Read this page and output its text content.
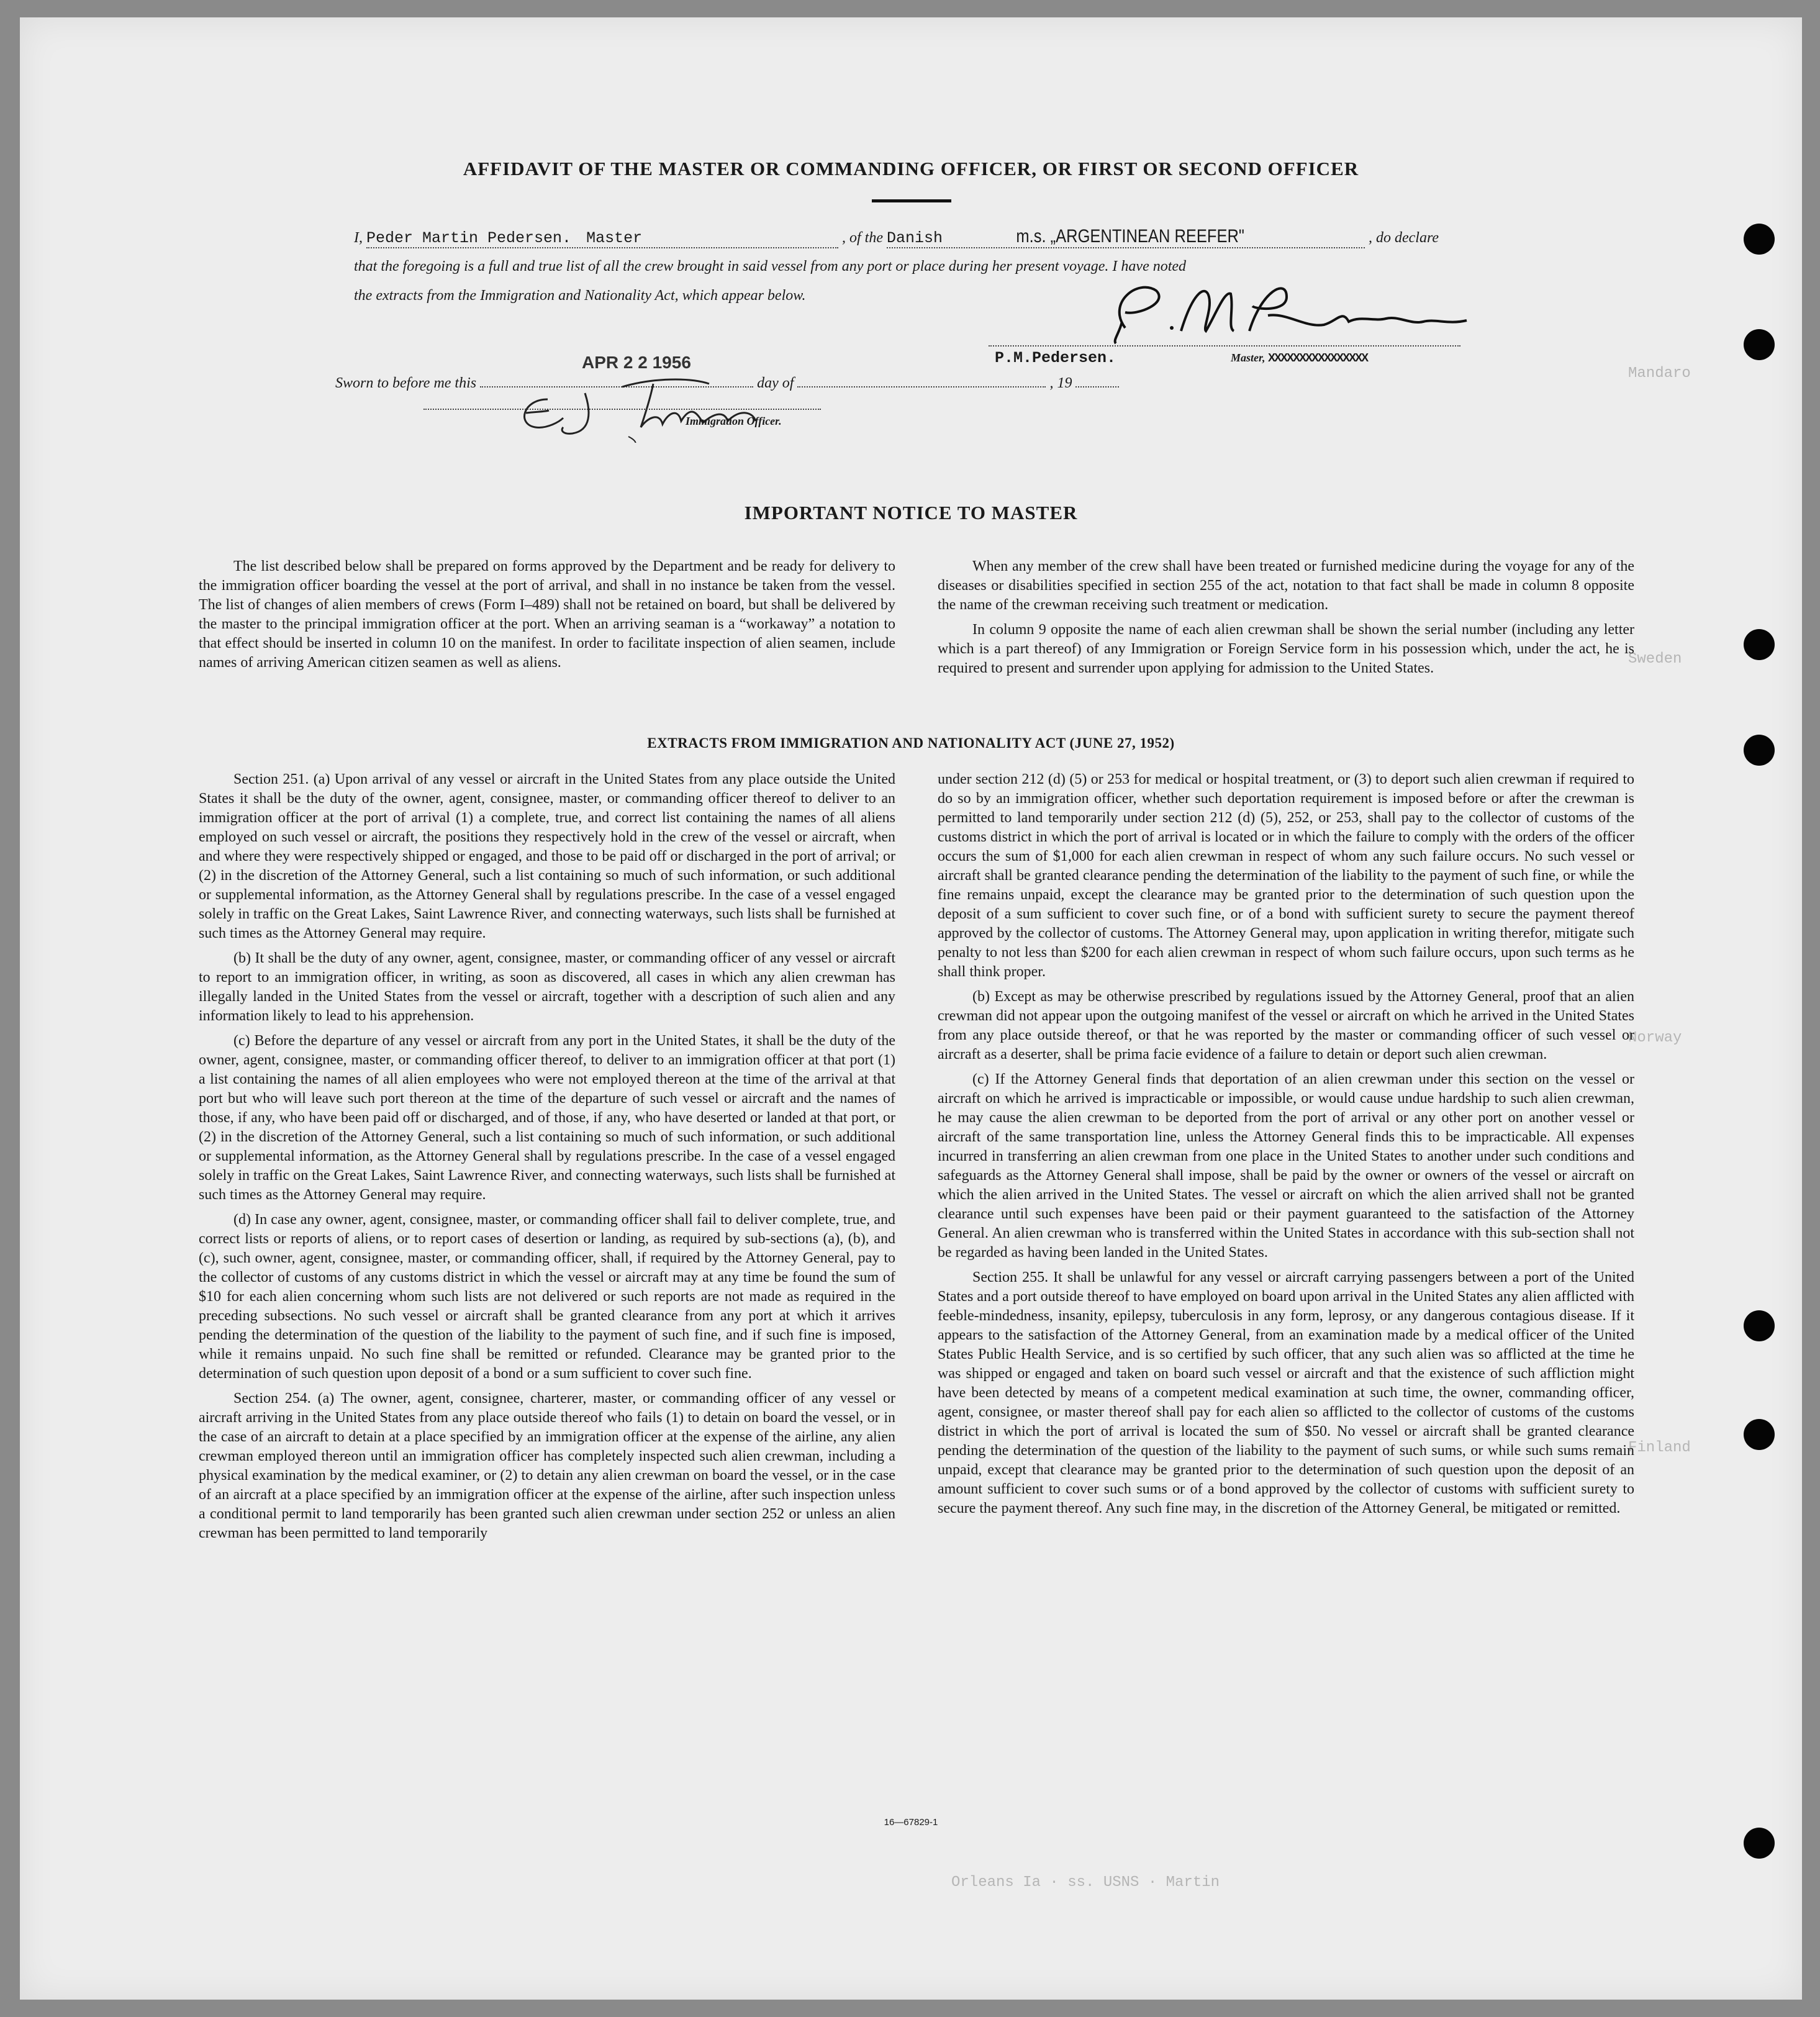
Mandaro
Sweden
Norway
Finland
Orleans Ia · ss. USNS · Martin
AFFIDAVIT OF THE MASTER OR COMMANDING OFFICER, OR FIRST OR SECOND OFFICER
I, Peder Martin Pedersen. Master	, of the Danish	m.s. „ARGENTINEAN REEFER"	, do declare
that the foregoing is a full and true list of all the crew brought in said vessel from any port or place during her present voyage. I have noted
the extracts from the Immigration and Nationality Act, which appear below.
P.M.Pedersen.	Master, XXXXXXXXXXXXXXXX
APR 2 2 1956
Sworn to before me this	day of	, 19
Immigration Officer.
IMPORTANT NOTICE TO MASTER

The list described below shall be prepared on forms approved by the Department and be ready for delivery to the immigration officer boarding the vessel at the port of arrival, and shall in no instance be taken from the vessel. The list of changes of alien members of crews (Form I–489) shall not be retained on board, but shall be delivered by the master to the principal immigration officer at the port. When an arriving seaman is a “workaway” a notation to that effect should be inserted in column 10 on the manifest. In order to facilitate inspection of alien seamen, include names of arriving American citizen seamen as well as aliens.

When any member of the crew shall have been treated or furnished medicine during the voyage for any of the diseases or disabilities specified in section 255 of the act, notation to that fact shall be made in column 8 opposite the name of the crewman receiving such treatment or medication.

In column 9 opposite the name of each alien crewman shall be shown the serial number (including any letter which is a part thereof) of any Immigration or Foreign Service form in his possession which, under the act, he is required to present and surrender upon applying for admission to the United States.

EXTRACTS FROM IMMIGRATION AND NATIONALITY ACT (JUNE 27, 1952)

Section 251. (a) Upon arrival of any vessel or aircraft in the United States from any place outside the United States it shall be the duty of the owner, agent, consignee, master, or commanding officer thereof to deliver to an immigration officer at the port of arrival (1) a complete, true, and correct list containing the names of all aliens employed on such vessel or aircraft, the positions they respectively hold in the crew of the vessel or aircraft, when and where they were respectively shipped or engaged, and those to be paid off or discharged in the port of arrival; or (2) in the discretion of the Attorney General, such a list containing so much of such information, or such additional or supplemental information, as the Attorney General shall by regulations prescribe. In the case of a vessel engaged solely in traffic on the Great Lakes, Saint Lawrence River, and connecting waterways, such lists shall be furnished at such times as the Attorney General may require.

(b) It shall be the duty of any owner, agent, consignee, master, or commanding officer of any vessel or aircraft to report to an immigration officer, in writing, as soon as discovered, all cases in which any alien crewman has illegally landed in the United States from the vessel or aircraft, together with a description of such alien and any information likely to lead to his apprehension.

(c) Before the departure of any vessel or aircraft from any port in the United States, it shall be the duty of the owner, agent, consignee, master, or commanding officer thereof, to deliver to an immigration officer at that port (1) a list containing the names of all alien employees who were not employed thereon at the time of the arrival at that port but who will leave such port thereon at the time of the departure of such vessel or aircraft and the names of those, if any, who have been paid off or discharged, and of those, if any, who have deserted or landed at that port, or (2) in the discretion of the Attorney General, such a list containing so much of such information, or such additional or supplemental information, as the Attorney General shall by regulations prescribe. In the case of a vessel engaged solely in traffic on the Great Lakes, Saint Lawrence River, and connecting waterways, such lists shall be furnished at such times as the Attorney General may require.

(d) In case any owner, agent, consignee, master, or commanding officer shall fail to deliver complete, true, and correct lists or reports of aliens, or to report cases of desertion or landing, as required by sub-sections (a), (b), and (c), such owner, agent, consignee, master, or commanding officer, shall, if required by the Attorney General, pay to the collector of customs of any customs district in which the vessel or aircraft may at any time be found the sum of $10 for each alien concerning whom such lists are not delivered or such reports are not made as required in the preceding subsections. No such vessel or aircraft shall be granted clearance from any port at which it arrives pending the determination of the question of the liability to the payment of such fine, and if such fine is imposed, while it remains unpaid. No such fine shall be remitted or refunded. Clearance may be granted prior to the determination of such question upon deposit of a bond or a sum sufficient to cover such fine.

Section 254. (a) The owner, agent, consignee, charterer, master, or commanding officer of any vessel or aircraft arriving in the United States from any place outside thereof who fails (1) to detain on board the vessel, or in the case of an aircraft to detain at a place specified by an immigration officer at the expense of the airline, any alien crewman employed thereon until an immigration officer has completely inspected such alien crewman, including a physical examination by the medical examiner, or (2) to detain any alien crewman on board the vessel, or in the case of an aircraft at a place specified by an immigration officer at the expense of the airline, after such inspection unless a conditional permit to land temporarily has been granted such alien crewman under section 252 or unless an alien crewman has been permitted to land temporarily

under section 212 (d) (5) or 253 for medical or hospital treatment, or (3) to deport such alien crewman if required to do so by an immigration officer, whether such deportation requirement is imposed before or after the crewman is permitted to land temporarily under section 212 (d) (5), 252, or 253, shall pay to the collector of customs of the customs district in which the port of arrival is located or in which the failure to comply with the orders of the officer occurs the sum of $1,000 for each alien crewman in respect of whom any such failure occurs. No such vessel or aircraft shall be granted clearance pending the determination of the liability to the payment of such fine, or while the fine remains unpaid, except the clearance may be granted prior to the determination of such question upon the deposit of a sum sufficient to cover such fine, or of a bond with sufficient surety to secure the payment thereof approved by the collector of customs. The Attorney General may, upon application in writing therefor, mitigate such penalty to not less than $200 for each alien crewman in respect of whom such failure occurs, upon such terms as he shall think proper.

(b) Except as may be otherwise prescribed by regulations issued by the Attorney General, proof that an alien crewman did not appear upon the outgoing manifest of the vessel or aircraft on which he arrived in the United States from any place outside thereof, or that he was reported by the master or commanding officer of such vessel or aircraft as a deserter, shall be prima facie evidence of a failure to detain or deport such alien crewman.

(c) If the Attorney General finds that deportation of an alien crewman under this section on the vessel or aircraft on which he arrived is impracticable or impossible, or would cause undue hardship to such alien crewman, he may cause the alien crewman to be deported from the port of arrival or any other port on another vessel or aircraft of the same transportation line, unless the Attorney General finds this to be impracticable. All expenses incurred in transferring an alien crewman from one place in the United States to another under such conditions and safeguards as the Attorney General shall impose, shall be paid by the owner or owners of the vessel or aircraft on which the alien arrived in the United States. The vessel or aircraft on which the alien arrived shall not be granted clearance until such expenses have been paid or their payment guaranteed to the satisfaction of the Attorney General. An alien crewman who is transferred within the United States in accordance with this sub-section shall not be regarded as having been landed in the United States.

Section 255. It shall be unlawful for any vessel or aircraft carrying passengers between a port of the United States and a port outside thereof to have employed on board upon arrival in the United States any alien afflicted with feeble-mindedness, insanity, epilepsy, tuberculosis in any form, leprosy, or any dangerous contagious disease. If it appears to the satisfaction of the Attorney General, from an examination made by a medical officer of the United States Public Health Service, and is so certified by such officer, that any such alien was so afflicted at the time he was shipped or engaged and taken on board such vessel or aircraft and that the existence of such affliction might have been detected by means of a competent medical examination at such time, the owner, commanding officer, agent, consignee, or master thereof shall pay for each alien so afflicted to the collector of customs of the customs district in which the port of arrival is located the sum of $50. No vessel or aircraft shall be granted clearance pending the determination of the question of the liability to the payment of such sums, or while such sums remain unpaid, except that clearance may be granted prior to the determination of such question upon the deposit of an amount sufficient to cover such sums or of a bond approved by the collector of customs with sufficient surety to secure the payment thereof. Any such fine may, in the discretion of the Attorney General, be mitigated or remitted.

16—67829-1
